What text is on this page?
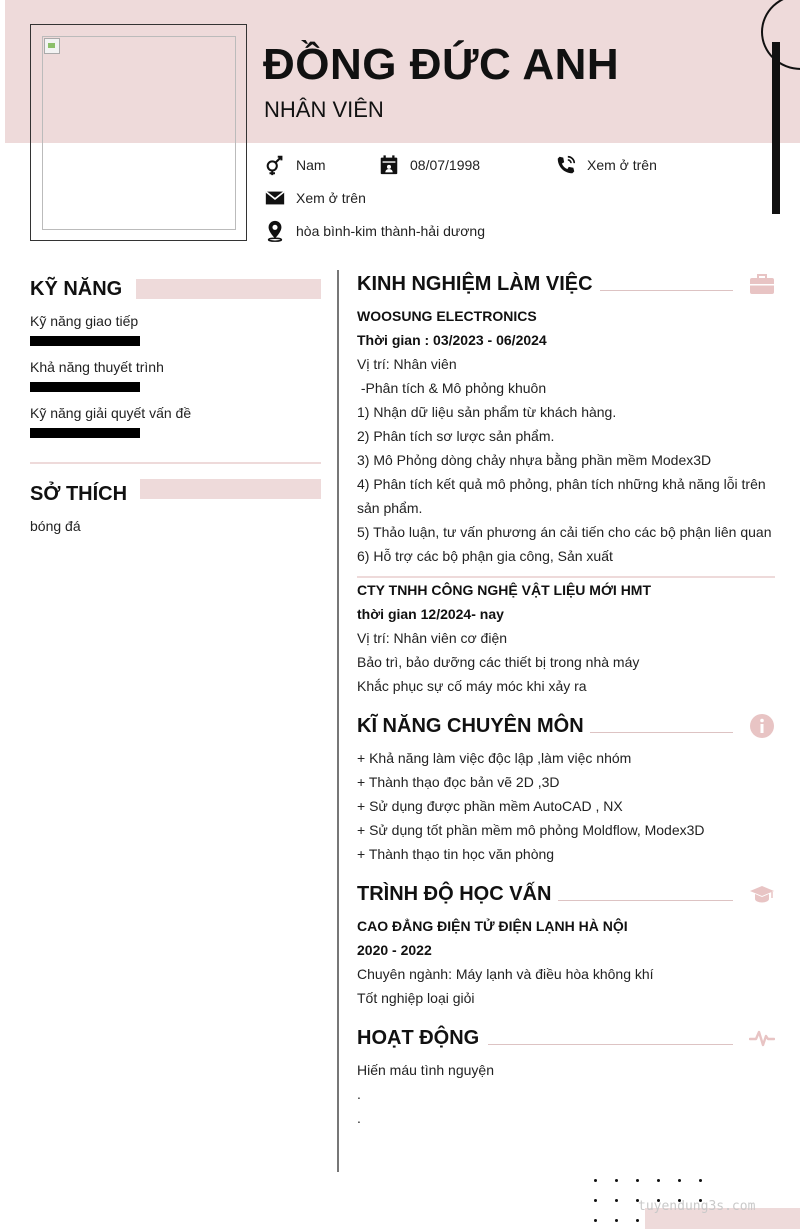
ĐỒNG ĐỨC ANH
NHÂN VIÊN
Nam	08/07/1998	Xem ở trên
Xem ở trên
hòa bình-kim thành-hải dương
KỸ NĂNG
Kỹ năng giao tiếp
Khả năng thuyết trình
Kỹ năng giải quyết vấn đề
SỞ THÍCH
bóng đá
KINH NGHIỆM LÀM VIỆC
WOOSUNG ELECTRONICS
Thời gian : 03/2023 - 06/2024
Vị trí: Nhân viên
-Phân tích & Mô phỏng khuôn
1) Nhận dữ liệu sản phẩm từ khách hàng.
2) Phân tích sơ lược sản phẩm.
3) Mô Phỏng dòng chảy nhựa bằng phần mềm Modex3D
4) Phân tích kết quả mô phỏng, phân tích những khả năng lỗi trên sản phẩm.
5) Thảo luận, tư vấn phương án cải tiến cho các bộ phận liên quan
6) Hỗ trợ các bộ phận gia công, Sản xuất
CTY TNHH CÔNG NGHỆ VẬT LIỆU MỚI HMT
thời gian 12/2024- nay
Vị trí: Nhân viên cơ điện
Bảo trì, bảo dưỡng các thiết bị trong nhà máy
Khắc phục sự cố máy móc khi xảy ra
KĨ NĂNG CHUYÊN MÔN
+ Khả năng làm việc độc lập ,làm việc nhóm
+ Thành thạo đọc bản vẽ 2D ,3D
+ Sử dụng được phần mềm AutoCAD , NX
+ Sử dụng tốt phần mềm mô phỏng Moldflow, Modex3D
+ Thành thạo tin học văn phòng
TRÌNH ĐỘ HỌC VẤN
CAO ĐẲNG ĐIỆN TỬ ĐIỆN LẠNH HÀ NỘI
2020 - 2022
Chuyên ngành: Máy lạnh và điều hòa không khí
Tốt nghiệp loại giỏi
HOẠT ĐỘNG
Hiến máu tình nguyện
.
.
tuyendung3s.com
